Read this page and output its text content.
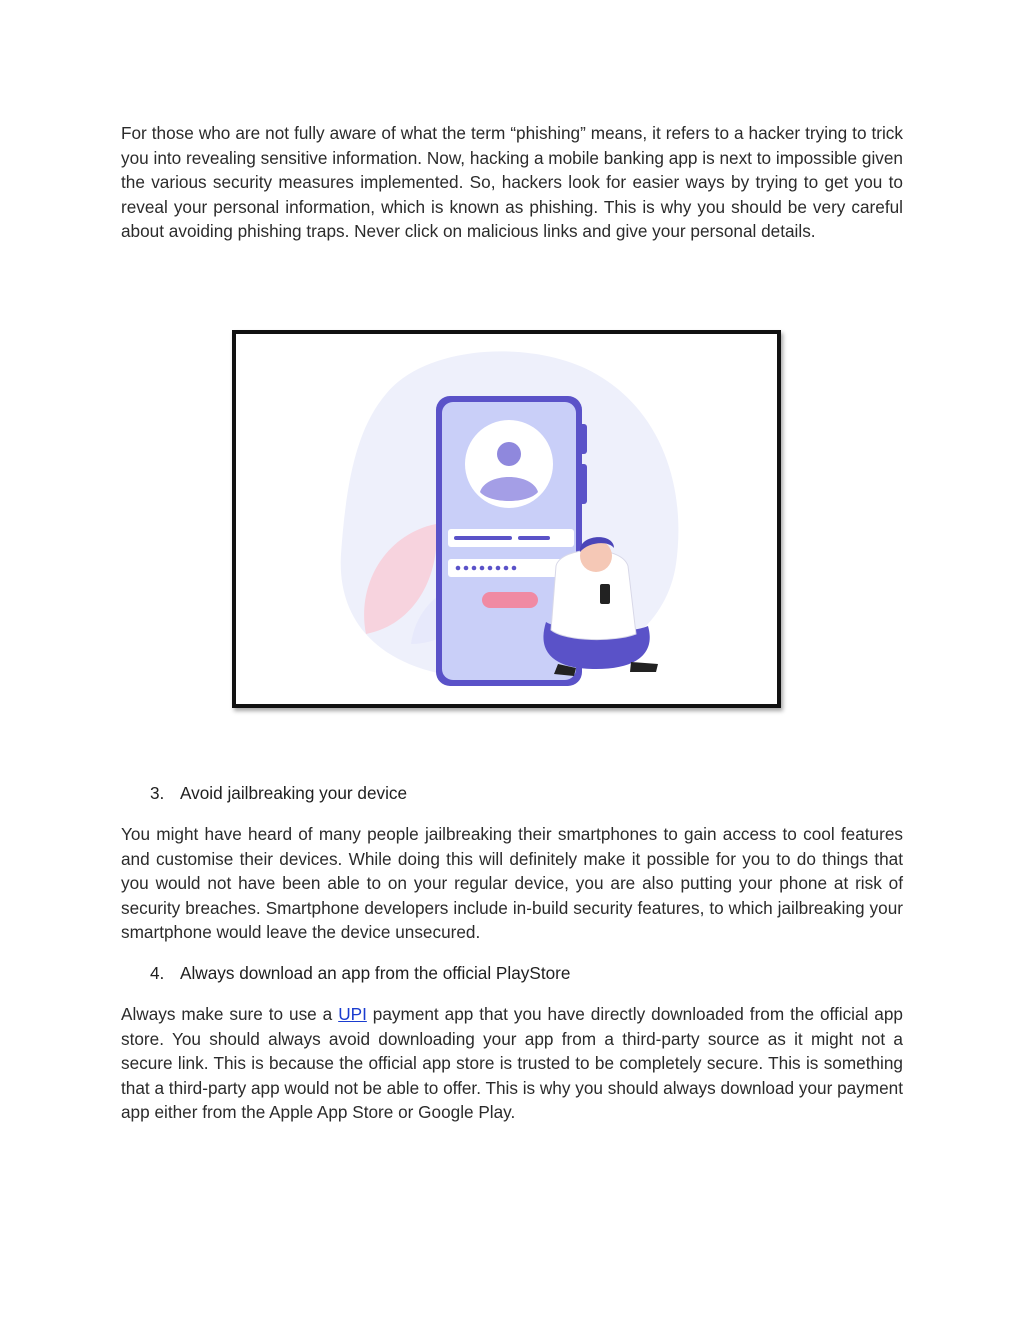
For those who are not fully aware of what the term “phishing” means, it refers to a hacker trying to trick you into revealing sensitive information. Now, hacking a mobile banking app is next to impossible given the various security measures implemented. So, hackers look for easier ways by trying to get you to reveal your personal information, which is known as phishing. This is why you should be very careful about avoiding phishing traps. Never click on malicious links and give your personal details.

3. Avoid jailbreaking your device

You might have heard of many people jailbreaking their smartphones to gain access to cool features and customise their devices. While doing this will definitely make it possible for you to do things that you would not have been able to on your regular device, you are also putting your phone at risk of security breaches. Smartphone developers include in-build security features, to which jailbreaking your smartphone would leave the device unsecured.

4. Always download an app from the official PlayStore

Always make sure to use a UPI payment app that you have directly downloaded from the official app store. You should always avoid downloading your app from a third-party source as it might not a secure link. This is because the official app store is trusted to be completely secure. This is something that a third-party app would not be able to offer. This is why you should always download your payment app either from the Apple App Store or Google Play.
